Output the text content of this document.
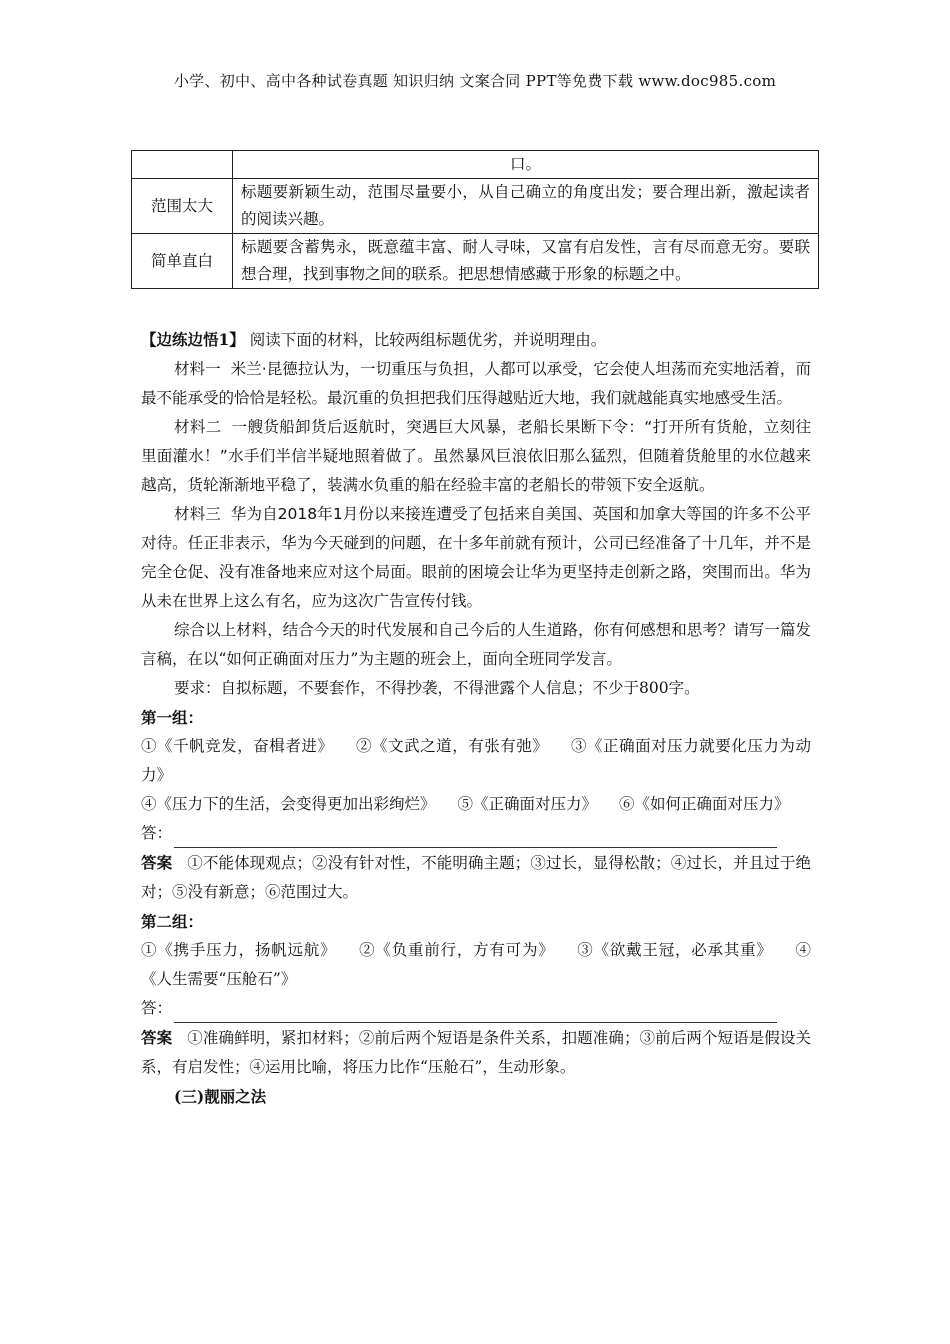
小学、初中、高中各种试卷真题 知识归纳 文案合同 PPT等免费下载 www.doc985.com
	口。
范围太大	标题要新颖生动，范围尽量要小，从自己确立的角度出发；要合理出新，激起读者的阅读兴趣。
简单直白	标题要含蓄隽永，既意蕴丰富、耐人寻味，又富有启发性，言有尽而意无穷。要联想合理，找到事物之间的联系。把思想情感藏于形象的标题之中。

【边练边悟1】 阅读下面的材料，比较两组标题优劣，并说明理由。

材料一 米兰·昆德拉认为，一切重压与负担，人都可以承受，它会使人坦荡而充实地活着，而最不能承受的恰恰是轻松。最沉重的负担把我们压得越贴近大地，我们就越能真实地感受生活。

材料二 一艘货船卸货后返航时，突遇巨大风暴，老船长果断下令：“打开所有货舱，立刻往里面灌水！”水手们半信半疑地照着做了。虽然暴风巨浪依旧那么猛烈，但随着货舱里的水位越来越高，货轮渐渐地平稳了，装满水负重的船在经验丰富的老船长的带领下安全返航。

材料三 华为自2018年1月份以来接连遭受了包括来自美国、英国和加拿大等国的许多不公平对待。任正非表示，华为今天碰到的问题，在十多年前就有预计，公司已经准备了十几年，并不是完全仓促、没有准备地来应对这个局面。眼前的困境会让华为更坚持走创新之路，突围而出。华为从未在世界上这么有名，应为这次广告宣传付钱。

综合以上材料，结合今天的时代发展和自己今后的人生道路，你有何感想和思考？请写一篇发言稿，在以“如何正确面对压力”为主题的班会上，面向全班同学发言。

要求：自拟标题，不要套作，不得抄袭，不得泄露个人信息；不少于800字。

第一组：

①《千帆竞发，奋楫者进》 ②《文武之道，有张有弛》 ③《正确面对压力就要化压力为动力》

④《压力下的生活，会变得更加出彩绚烂》 ⑤《正确面对压力》 ⑥《如何正确面对压力》

答：

答案 ①不能体现观点；②没有针对性，不能明确主题；③过长，显得松散；④过长，并且过于绝对；⑤没有新意；⑥范围过大。

第二组：

①《携手压力，扬帆远航》 ②《负重前行，方有可为》 ③《欲戴王冠，必承其重》 ④《人生需要“压舱石”》

答：

答案 ①准确鲜明，紧扣材料；②前后两个短语是条件关系，扣题准确；③前后两个短语是假设关系，有启发性；④运用比喻，将压力比作“压舱石”，生动形象。

(三)靓丽之法
